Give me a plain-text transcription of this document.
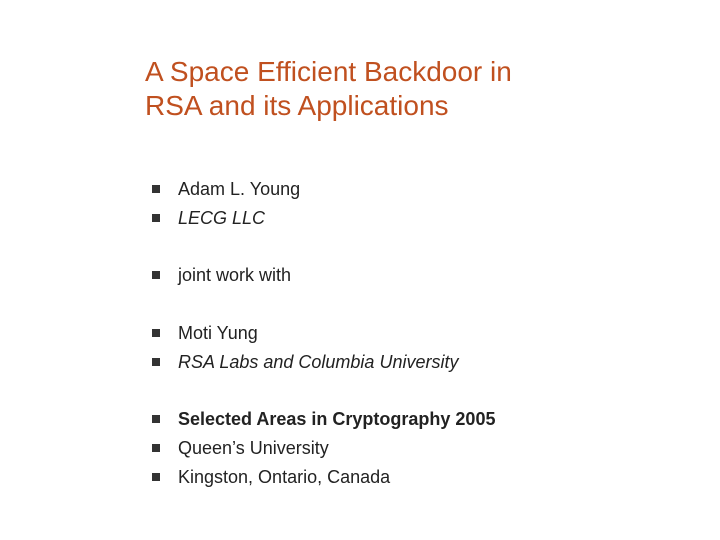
A Space Efficient Backdoor in
RSA and its Applications
Adam L. Young
LECG LLC
joint work with
Moti Yung
RSA Labs and Columbia University
Selected Areas in Cryptography 2005
Queen’s University
Kingston, Ontario, Canada
